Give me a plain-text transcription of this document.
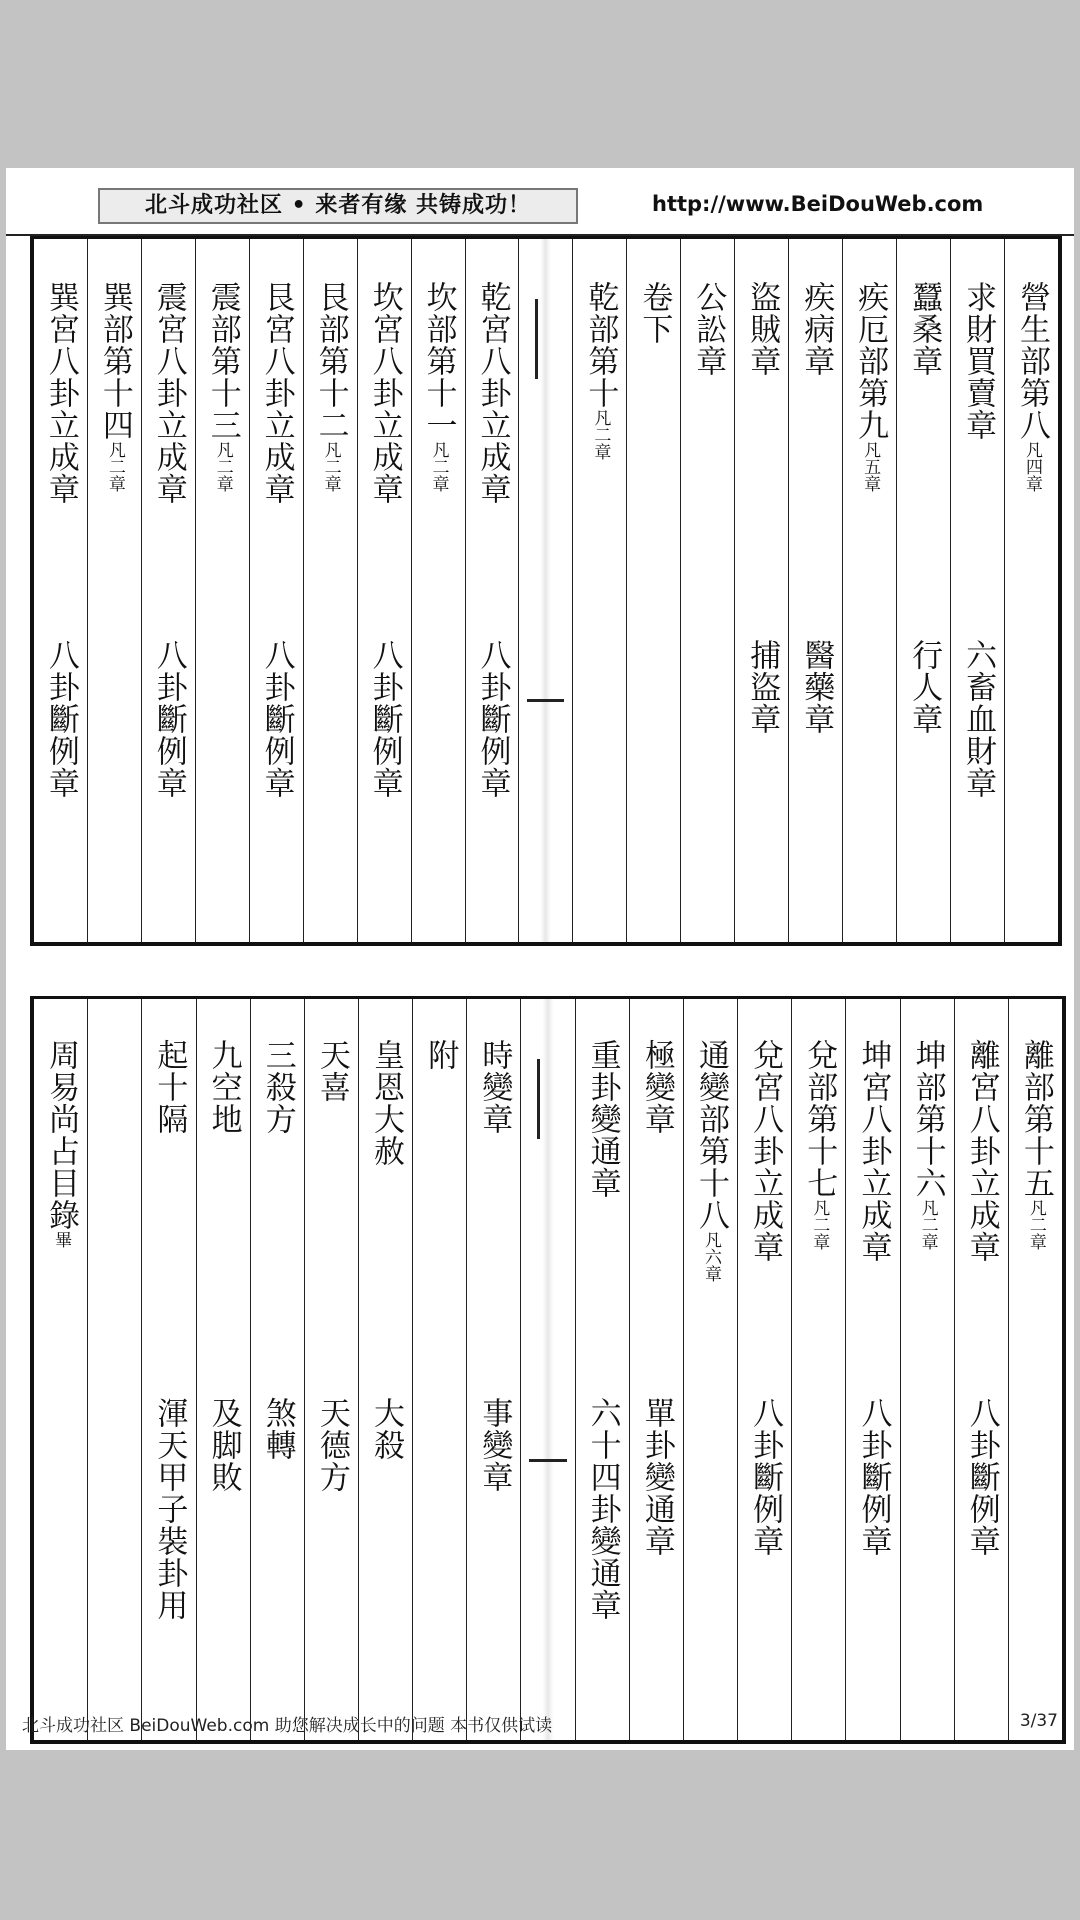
北斗成功社区 • 来者有缘 共铸成功！	http://www.BeiDouWeb.com
營生部第八凡四章
求財買賣章
六畜血財章
蠶桑章
行人章
疾厄部第九凡五章
疾病章
醫藥章
盜賊章
捕盜章
公訟章
卷下
乾部第十凡二章
乾宮八卦立成章
八卦斷例章
坎部第十一凡二章
坎宮八卦立成章
八卦斷例章
艮部第十二凡二章
艮宮八卦立成章
八卦斷例章
震部第十三凡二章
震宮八卦立成章
八卦斷例章
巽部第十四凡二章
巽宮八卦立成章
八卦斷例章
離部第十五凡二章
離宮八卦立成章
八卦斷例章
坤部第十六凡二章
坤宮八卦立成章
八卦斷例章
兌部第十七凡二章
兌宮八卦立成章
八卦斷例章
通變部第十八凡六章
極變章
單卦變通章
重卦變通章
六十四卦變通章
時變章
事變章
附
皇恩大赦
大殺
天喜
天德方
三殺方
煞轉
九空地
及脚敗
起十隔
渾天甲子裝卦用
周易尚占目錄畢
北斗成功社区 BeiDouWeb.com 助您解决成长中的问题 本书仅供试读	3/37
